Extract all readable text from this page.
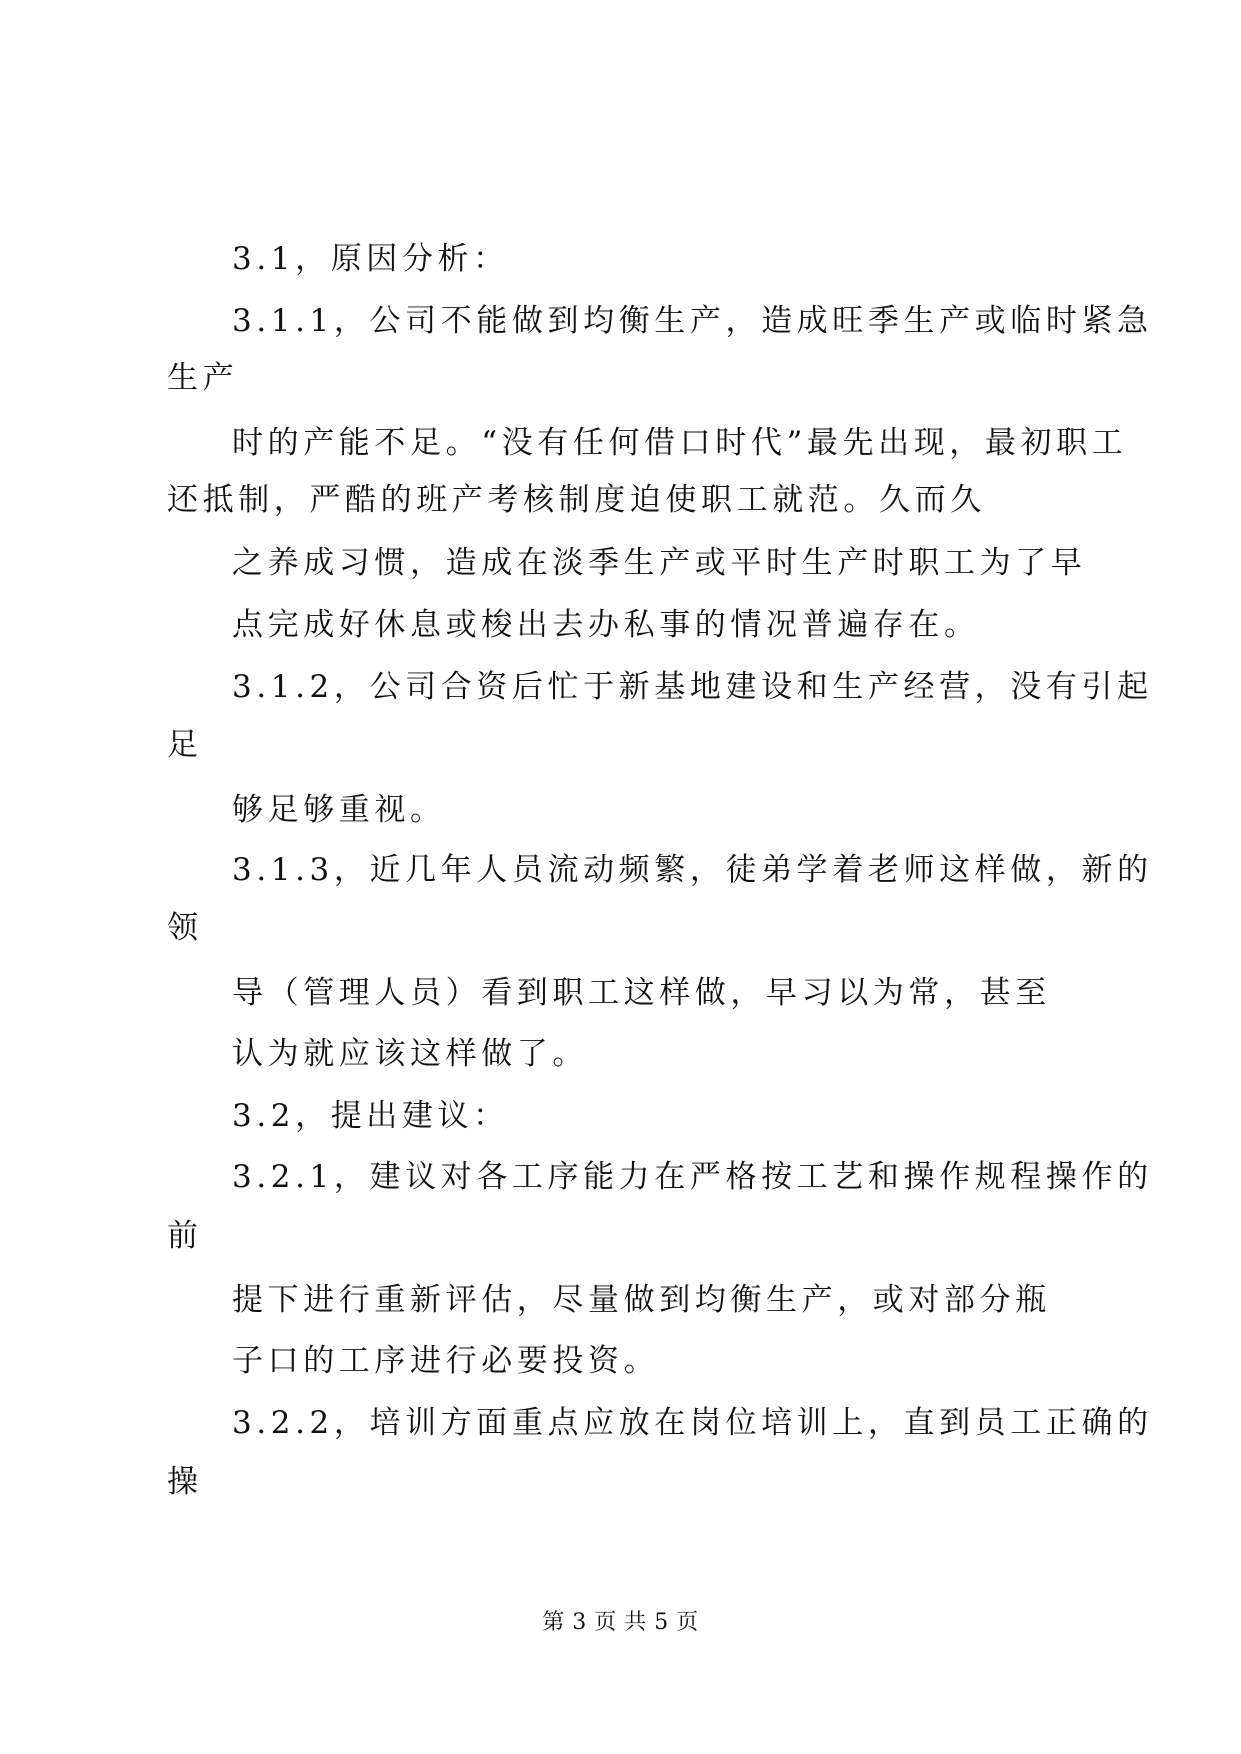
3.1，原因分析：
3.1.1，公司不能做到均衡生产，造成旺季生产或临时紧急
生产
时的产能不足。“没有任何借口时代”最先出现，最初职工
还抵制，严酷的班产考核制度迫使职工就范。久而久
之养成习惯，造成在淡季生产或平时生产时职工为了早
点完成好休息或梭出去办私事的情况普遍存在。
3.1.2，公司合资后忙于新基地建设和生产经营，没有引起
足
够足够重视。
3.1.3，近几年人员流动频繁，徒弟学着老师这样做，新的
领
导（管理人员）看到职工这样做，早习以为常，甚至
认为就应该这样做了。
3.2，提出建议：
3.2.1，建议对各工序能力在严格按工艺和操作规程操作的
前
提下进行重新评估，尽量做到均衡生产，或对部分瓶
子口的工序进行必要投资。
3.2.2，培训方面重点应放在岗位培训上，直到员工正确的
操
第 3 页 共 5 页
